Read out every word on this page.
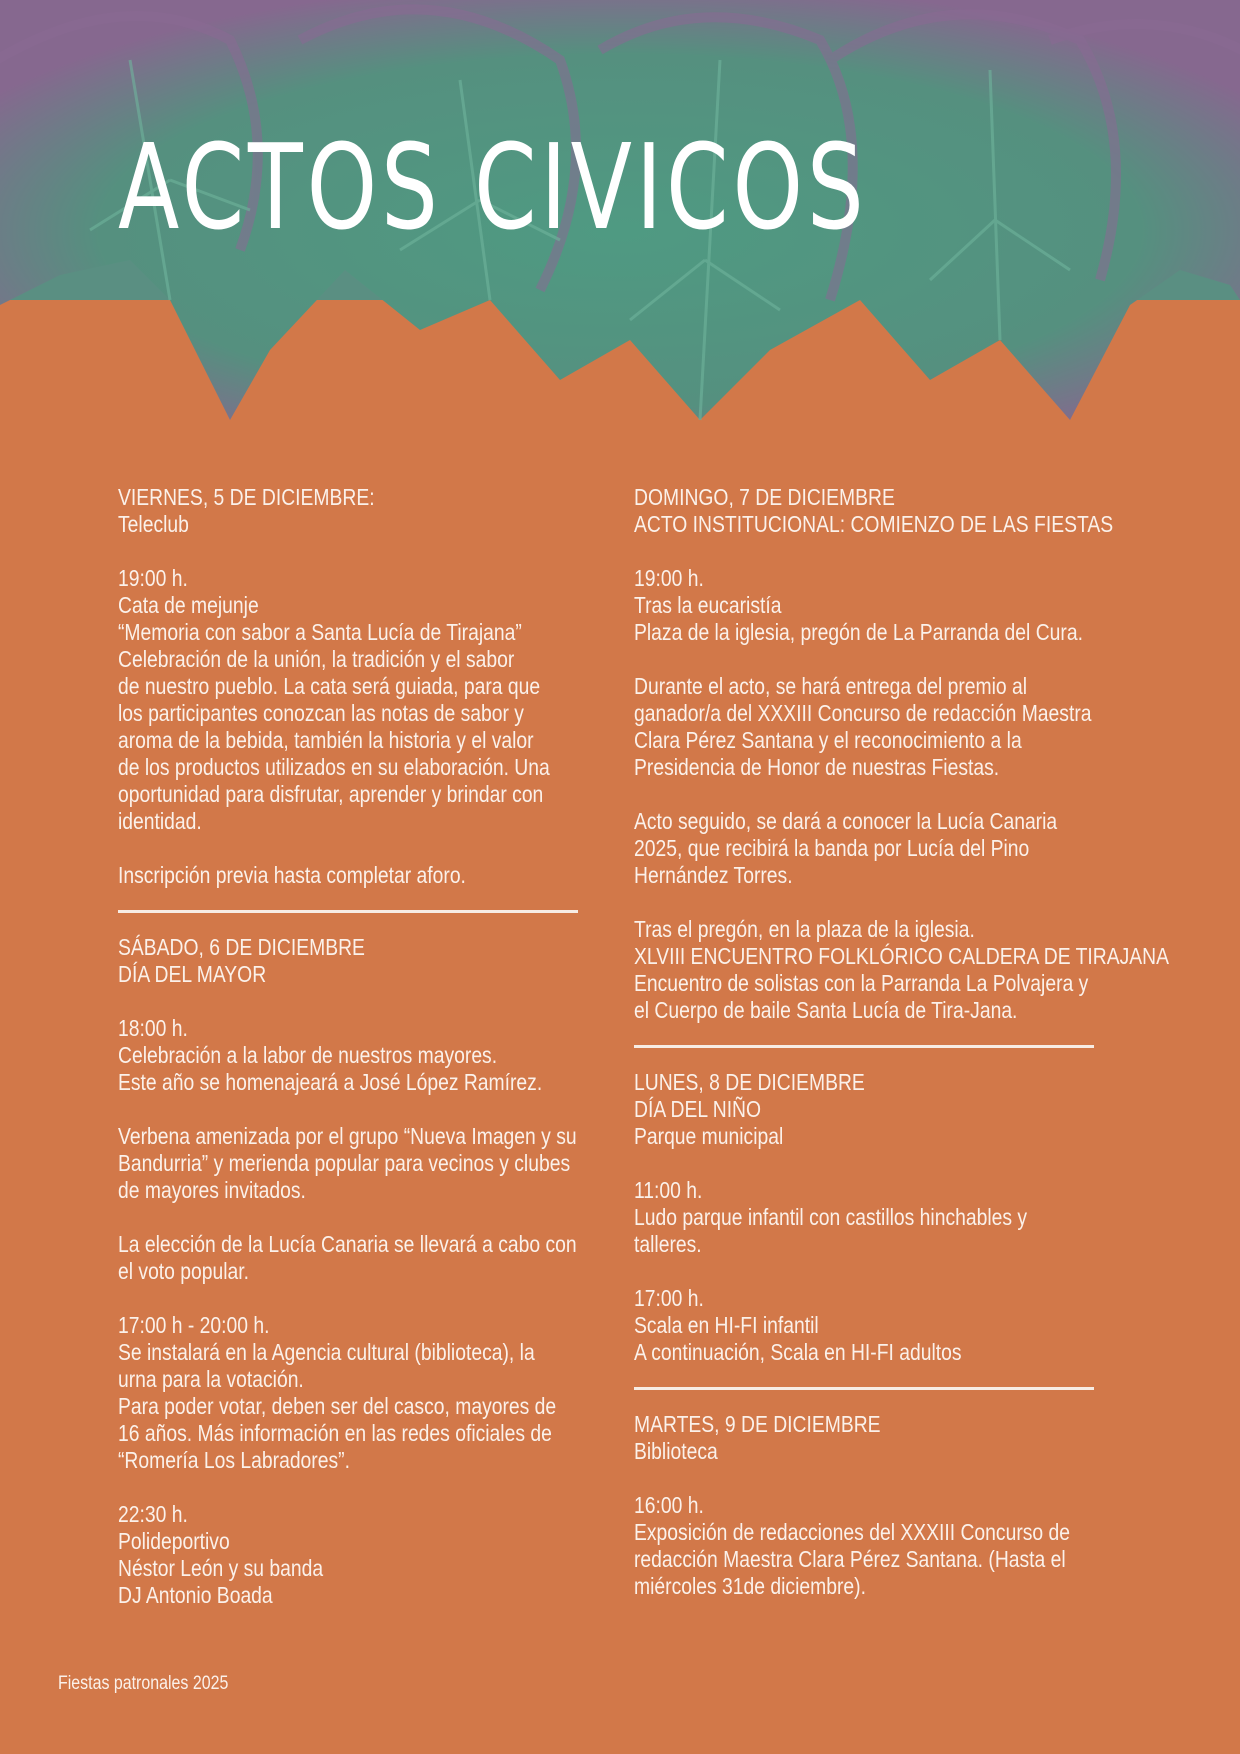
ACTOS CIVICOS
VIERNES, 5 DE DICIEMBRE:
Teleclub
19:00 h.
Cata de mejunje
“Memoria con sabor a Santa Lucía de Tirajana”
Celebración de la unión, la tradición y el sabor
de nuestro pueblo. La cata será guiada, para que
los participantes conozcan las notas de sabor y
aroma de la bebida, también la historia y el valor
de los productos utilizados en su elaboración. Una
oportunidad para disfrutar, aprender y brindar con
identidad.
Inscripción previa hasta completar aforo.
SÁBADO, 6 DE DICIEMBRE
DÍA DEL MAYOR
18:00 h.
Celebración a la labor de nuestros mayores.
Este año se homenajeará a José López Ramírez.
Verbena amenizada por el grupo “Nueva Imagen y su
Bandurria” y merienda popular para vecinos y clubes
de mayores invitados.
La elección de la Lucía Canaria se llevará a cabo con
el voto popular.
17:00 h - 20:00 h.
Se instalará en la Agencia cultural (biblioteca), la
urna para la votación.
Para poder votar, deben ser del casco, mayores de
16 años. Más información en las redes oficiales de
“Romería Los Labradores”.
22:30 h.
Polideportivo
Néstor León y su banda
DJ Antonio Boada
DOMINGO, 7 DE DICIEMBRE
ACTO INSTITUCIONAL: COMIENZO DE LAS FIESTAS
19:00 h.
Tras la eucaristía
Plaza de la iglesia, pregón de La Parranda del Cura.
Durante el acto, se hará entrega del premio al
ganador/a del XXXIII Concurso de redacción Maestra
Clara Pérez Santana y el reconocimiento a la
Presidencia de Honor de nuestras Fiestas.
Acto seguido, se dará a conocer la Lucía Canaria
2025, que recibirá la banda por Lucía del Pino
Hernández Torres.
Tras el pregón, en la plaza de la iglesia.
XLVIII ENCUENTRO FOLKLÓRICO CALDERA DE TIRAJANA
Encuentro de solistas con la Parranda La Polvajera y
el Cuerpo de baile Santa Lucía de Tira-Jana.
LUNES, 8 DE DICIEMBRE
DÍA DEL NIÑO
Parque municipal
11:00 h.
Ludo parque infantil con castillos hinchables y
talleres.
17:00 h.
Scala en HI-FI infantil
A continuación, Scala en HI-FI adultos
MARTES, 9 DE DICIEMBRE
Biblioteca
16:00 h.
Exposición de redacciones del XXXIII Concurso de
redacción Maestra Clara Pérez Santana. (Hasta el
miércoles 31de diciembre).
Fiestas patronales 2025
